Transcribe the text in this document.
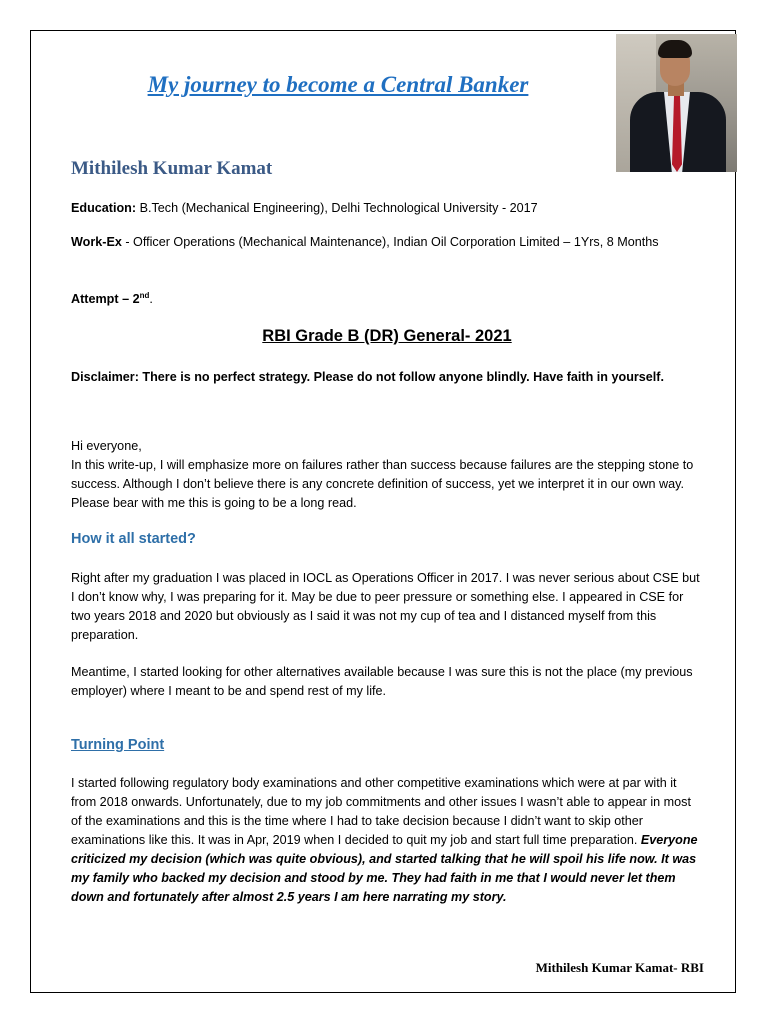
My journey to become a Central Banker
Mithilesh Kumar Kamat
Education: B.Tech (Mechanical Engineering), Delhi Technological University - 2017
Work-Ex - Officer Operations (Mechanical Maintenance), Indian Oil Corporation Limited – 1Yrs, 8 Months
Attempt – 2nd.
RBI Grade B (DR) General- 2021
Disclaimer: There is no perfect strategy. Please do not follow anyone blindly. Have faith in yourself.
Hi everyone,
In this write-up, I will emphasize more on failures rather than success because failures are the stepping stone to success. Although I don’t believe there is any concrete definition of success, yet we interpret it in our own way. Please bear with me this is going to be a long read.
How it all started?
Right after my graduation I was placed in IOCL as Operations Officer in 2017. I was never serious about CSE but I don’t know why, I was preparing for it. May be due to peer pressure or something else. I appeared in CSE for two years 2018 and 2020 but obviously as I said it was not my cup of tea and I distanced myself from this preparation.
Meantime, I started looking for other alternatives available because I was sure this is not the place (my previous employer) where I meant to be and spend rest of my life.
Turning Point
I started following regulatory body examinations and other competitive examinations which were at par with it from 2018 onwards. Unfortunately, due to my job commitments and other issues I wasn’t able to appear in most of the examinations and this is the time where I had to take decision because I didn’t want to skip other examinations like this. It was in Apr, 2019 when I decided to quit my job and start full time preparation. Everyone criticized my decision (which was quite obvious), and started talking that he will spoil his life now. It was my family who backed my decision and stood by me. They had faith in me that I would never let them down and fortunately after almost 2.5 years I am here narrating my story.
Mithilesh Kumar Kamat- RBI
